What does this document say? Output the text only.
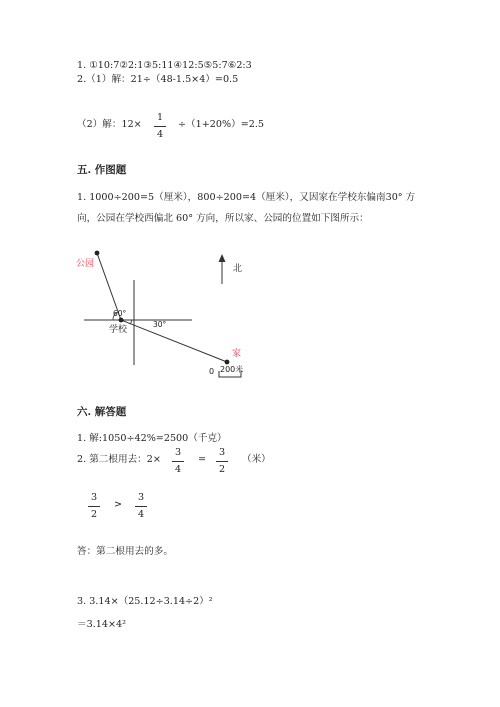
1. ①10:7②2:1③5:11④12:5⑤5:7⑥2:3
2.（1）解：21÷（48-1.5×4）=0.5
（2）解：12×
1
4
÷（1+20%）=2.5
五. 作图题
1. 1000÷200=5（厘米），800÷200=4（厘米），又因家在学校东偏南30° 方
向，公园在学校西偏北 60° 方向，所以家、公园的位置如下图所示：
公园
学校
家
北
60°
30°
0 200米
六. 解答题
1. 解:1050÷42%=2500（千克）
2. 第二根用去：2×
3
4
=
3
2
（米）
3
2
>
3
4
答：第二根用去的多。
3. 3.14×（25.12÷3.14÷2）²
＝3.14×4²
